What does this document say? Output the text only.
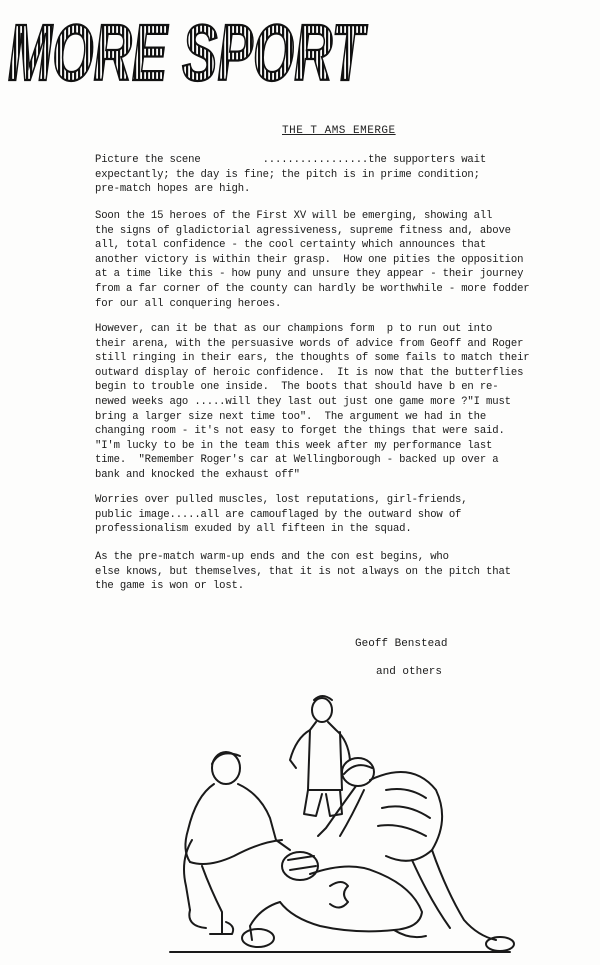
MORE SPORT
THE T AMS EMERGE
Picture the scene          .................the supporters wait
expectantly; the day is fine; the pitch is in prime condition;
pre-match hopes are high.
Soon the 15 heroes of the First XV will be emerging, showing all
the signs of gladictorial agressiveness, supreme fitness and, above
all, total confidence - the cool certainty which announces that
another victory is within their grasp.  How one pities the opposition
at a time like this - how puny and unsure they appear - their journey
from a far corner of the county can hardly be worthwhile - more fodder
for our all conquering heroes.
However, can it be that as our champions form  p to run out into
their arena, with the persuasive words of advice from Geoff and Roger
still ringing in their ears, the thoughts of some fails to match their
outward display of heroic confidence.  It is now that the butterflies
begin to trouble one inside.  The boots that should have b en re-
newed weeks ago .....will they last out just one game more ?"I must
bring a larger size next time too".  The argument we had in the
changing room - it's not easy to forget the things that were said.
"I'm lucky to be in the team this week after my performance last
time.  "Remember Roger's car at Wellingborough - backed up over a
bank and knocked the exhaust off"
Worries over pulled muscles, lost reputations, girl-friends,
public image.....all are camouflaged by the outward show of
professionalism exuded by all fifteen in the squad.
As the pre-match warm-up ends and the con est begins, who
else knows, but themselves, that it is not always on the pitch that
the game is won or lost.
Geoff Benstead
and others
